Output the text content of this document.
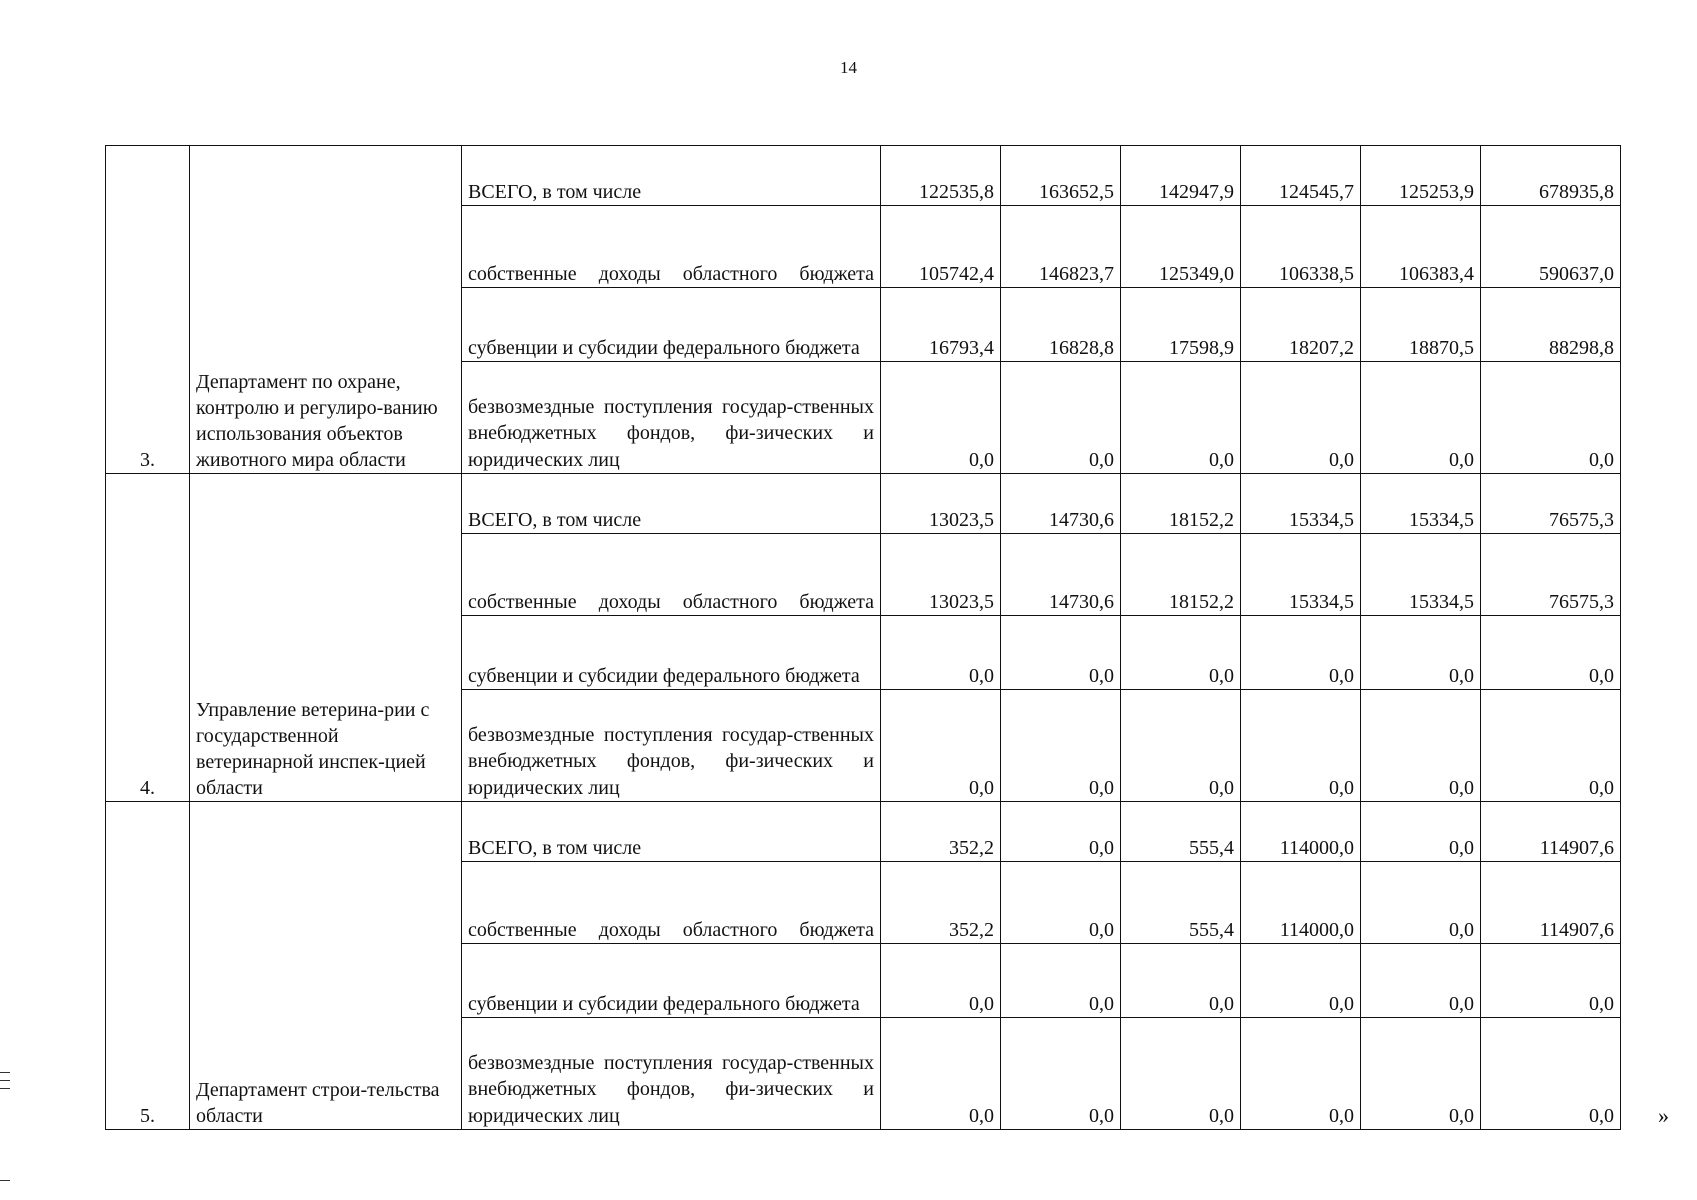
14
3.	Департамент по охране, контролю и регулиро-ванию использования объектов животного мира области	ВСЕГО, в том числе	122535,8	163652,5	142947,9	124545,7	125253,9	678935,8
		собственные доходы областного бюджета	105742,4	146823,7	125349,0	106338,5	106383,4	590637,0
		субвенции и субсидии федерального бюджета	16793,4	16828,8	17598,9	18207,2	18870,5	88298,8
		безвозмездные поступления государ-ственных внебюджетных фондов, фи-зических и юридических лиц	0,0	0,0	0,0	0,0	0,0	0,0
4.	Управление ветерина-рии с государственной ветеринарной инспек-цией области	ВСЕГО, в том числе	13023,5	14730,6	18152,2	15334,5	15334,5	76575,3
		собственные доходы областного бюджета	13023,5	14730,6	18152,2	15334,5	15334,5	76575,3
		субвенции и субсидии федерального бюджета	0,0	0,0	0,0	0,0	0,0	0,0
		безвозмездные поступления государ-ственных внебюджетных фондов, фи-зических и юридических лиц	0,0	0,0	0,0	0,0	0,0	0,0
5.	Департамент строи-тельства области	ВСЕГО, в том числе	352,2	0,0	555,4	114000,0	0,0	114907,6
		собственные доходы областного бюджета	352,2	0,0	555,4	114000,0	0,0	114907,6
		субвенции и субсидии федерального бюджета	0,0	0,0	0,0	0,0	0,0	0,0
		безвозмездные поступления государ-ственных внебюджетных фондов, фи-зических и юридических лиц	0,0	0,0	0,0	0,0	0,0	0,0 »
